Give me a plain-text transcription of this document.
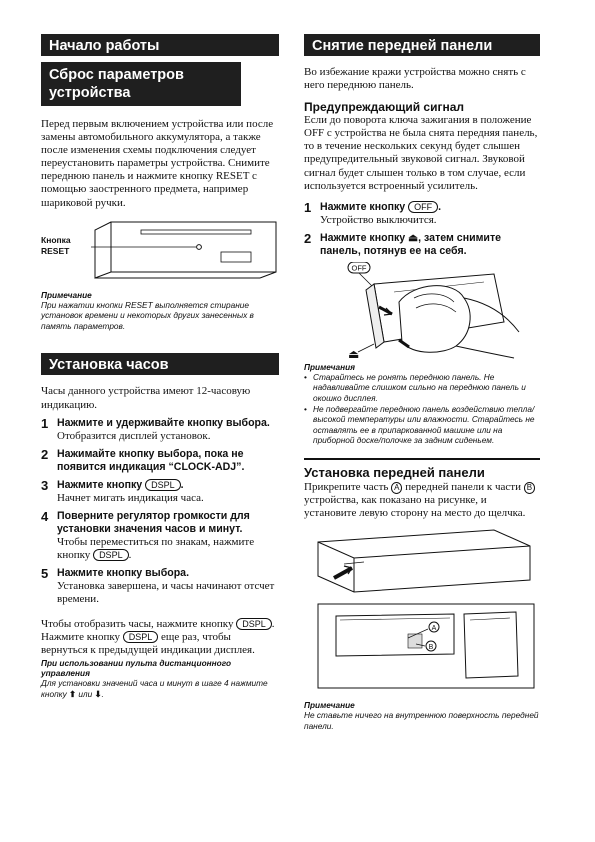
Начало работы
Сброс параметров устройства

Перед первым включением устройства или после замены автомобильного аккумулятора, а также после изменения схемы подключения следует переустановить параметры устройства. Снимите переднюю панель и нажмите кнопку RESET с помощью заостренного предмета, например шариковой ручки.

Кнопка
RESET

Примечание

При нажатии кнопки RESET выполняется стирание установок времени и некоторых других занесенных в память параметров.

Установка часов

Часы данного устройства имеют 12-часовую индикацию.

1 Нажмите и удерживайте кнопку выбора.

Отобразится дисплей установок.

2 Нажимайте кнопку выбора, пока не появится индикация “CLOCK-ADJ”.

3 Нажмите кнопку DSPL .

Начнет мигать индикация часа.

4 Поверните регулятор громкости для установки значения часов и минут.

Чтобы переместиться по знакам, нажмите кнопку DSPL .

5 Нажмите кнопку выбора.

Установка завершена, и часы начинают отсчет времени.

Чтобы отобразить часы, нажмите кнопку DSPL . Нажмите кнопку DSPL еще раз, чтобы вернуться к предыдущей индикации дисплея.

При использовании пульта дистанционного управления

Для установки значений часа и минут в шаге 4 нажмите кнопку ⬆ или ⬇.

Снятие передней панели

Во избежание кражи устройства можно снять с него переднюю панель.

Предупреждающий сигнал

Если до поворота ключа зажигания в положение OFF с устройства не была снята передняя панель, то в течение нескольких секунд будет слышен предупредительный звуковой сигнал. Звуковой сигнал будет слышен только в том случае, если используется встроенный усилитель.

1 Нажмите кнопку OFF .

Устройство выключится.

2 Нажмите кнопку ⏏, затем снимите панель, потянув ее на себя.

OFF
⏏

Примечания

• Старайтесь не ронять переднюю панель. Не надавливайте слишком сильно на переднюю панель и окошко дисплея.
• Не подвергайте переднюю панель воздействию тепла/высокой температуры или влажности. Старайтесь не оставлять ее в припаркованной машине или на приборной доске/полочке за задним сиденьем.

Установка передней панели

Прикрепите часть A передней панели к части B устройства, как показано на рисунке, и установите левую сторону на место до щелчка.

A
B

Примечание

Не ставьте ничего на внутреннюю поверхность передней панели.
